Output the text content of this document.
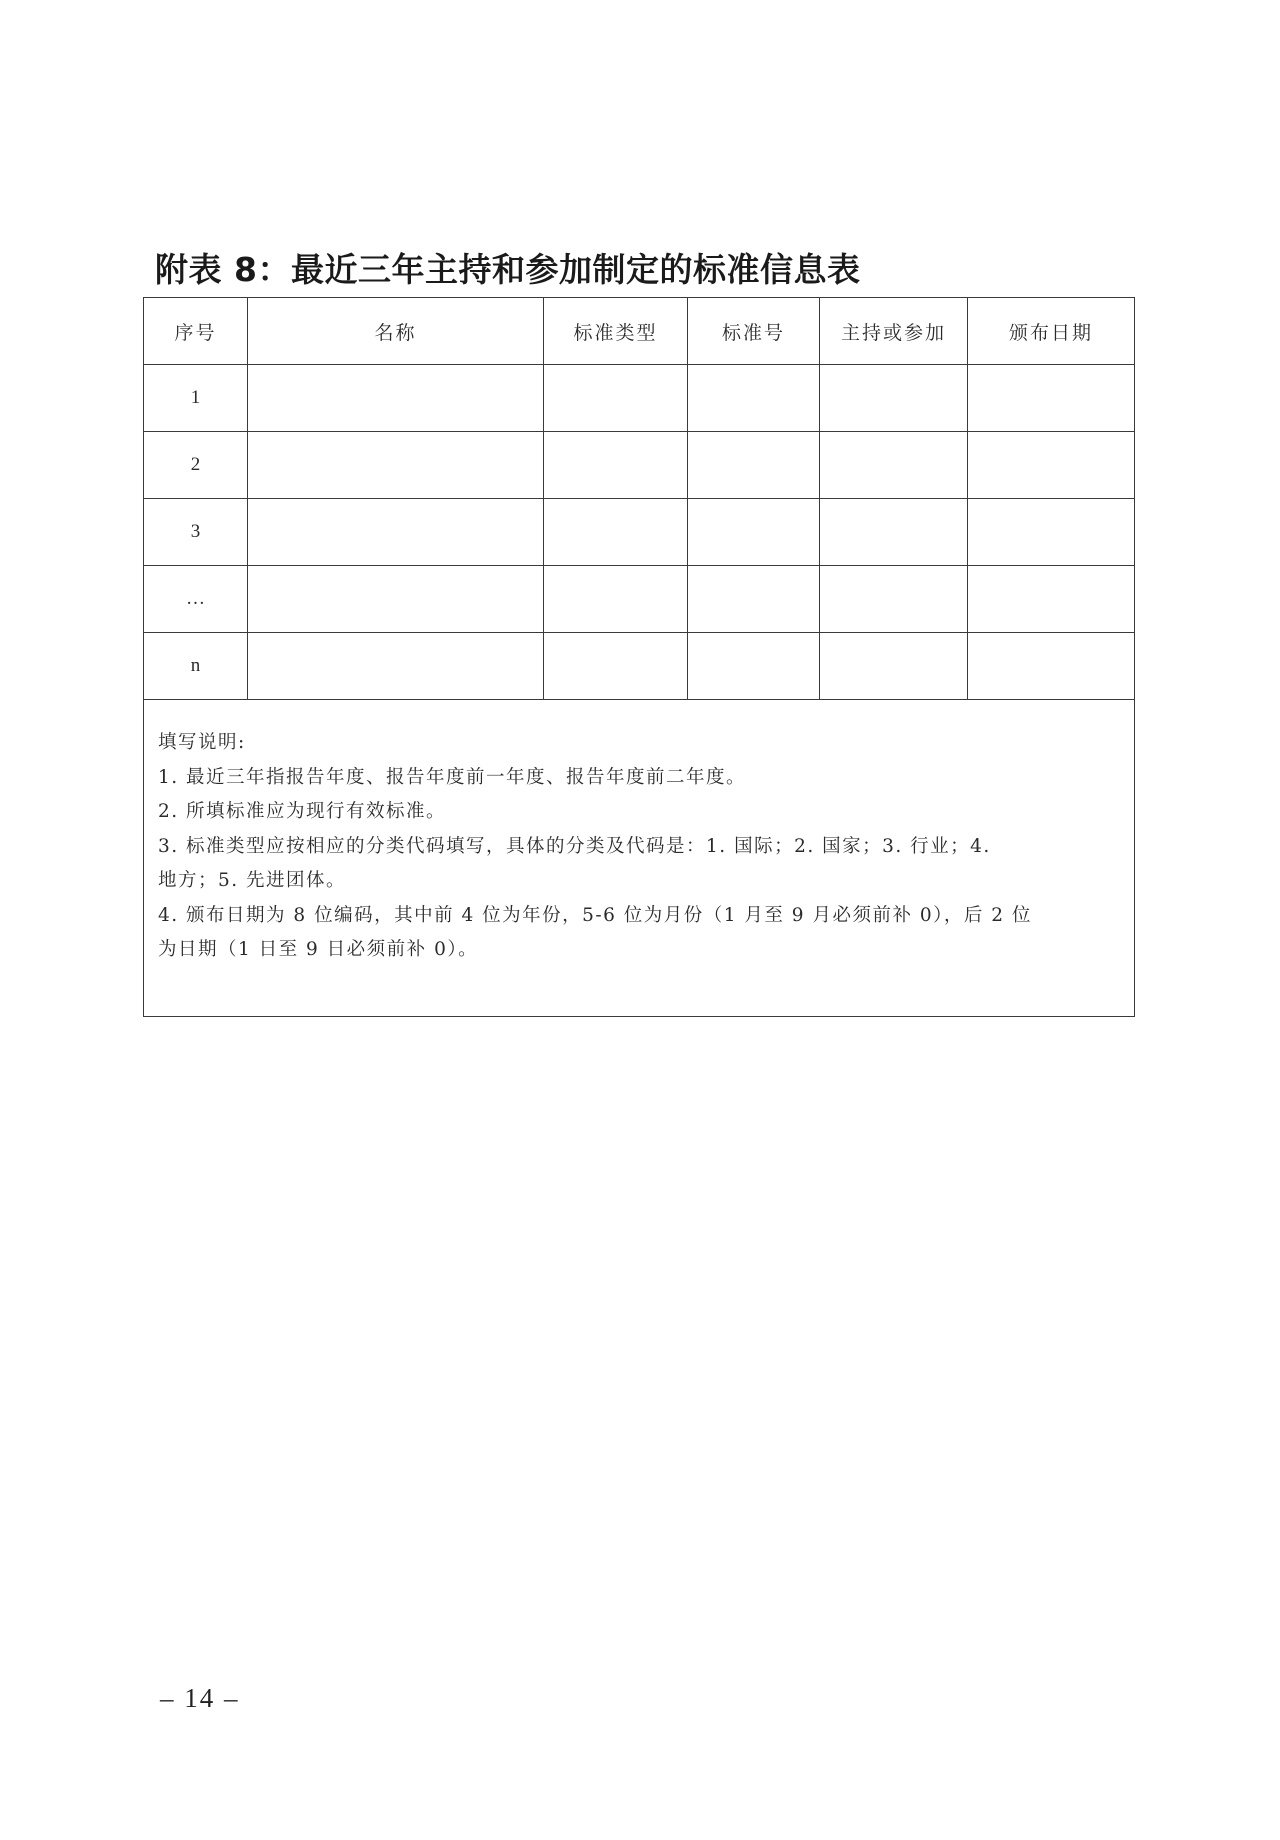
附表 8：最近三年主持和参加制定的标准信息表
序号	名称	标准类型	标准号	主持或参加	颁布日期
1					
2					
3					
…					
n					

填写说明:
1. 最近三年指报告年度、报告年度前一年度、报告年度前二年度。
2. 所填标准应为现行有效标准。
3. 标准类型应按相应的分类代码填写，具体的分类及代码是：1. 国际；2. 国家；3. 行业；4.
地方；5. 先进团体。
4. 颁布日期为 8 位编码，其中前 4 位为年份，5-6 位为月份（1 月至 9 月必须前补 0），后 2 位
为日期（1 日至 9 日必须前补 0）。
– 14 –
